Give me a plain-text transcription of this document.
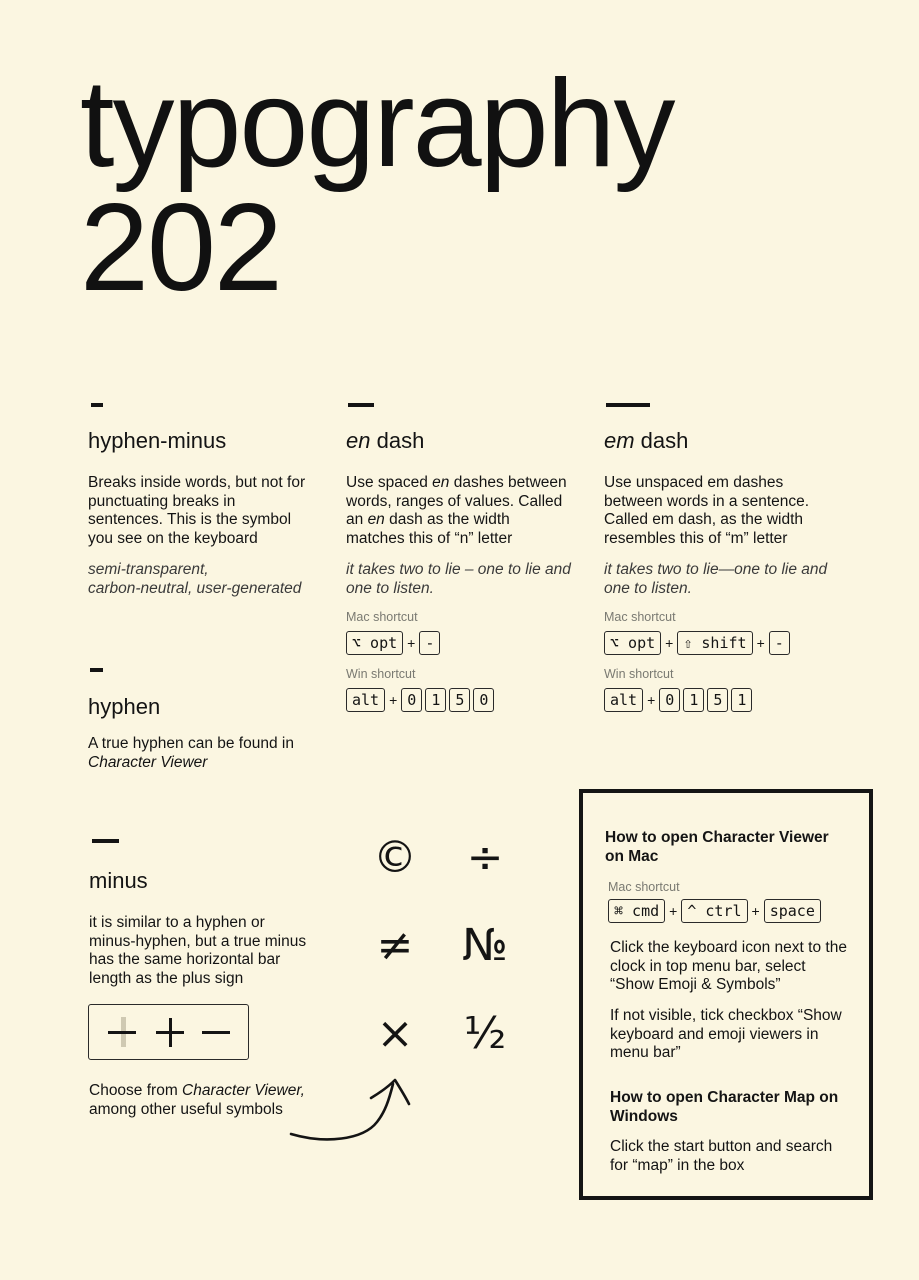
typography
202
hyphen-minus
Breaks inside words, but not for
punctuating breaks in
sentences. This is the symbol
you see on the keyboard
semi-transparent,
carbon-neutral, user-generated
en dash
Use spaced en dashes between
words, ranges of values. Called
an en dash as the width
matches this of “n” letter
it takes two to lie – one to lie and
one to listen.
Mac shortcut
⌥ opt + -
Win shortcut
alt + 0	1	5	0
em dash
Use unspaced em dashes
between words in a sentence.
Called em dash, as the width
resembles this of “m” letter
it takes two to lie—one to lie and
one to listen.
Mac shortcut
⌥ opt + ⇧ shift + -
Win shortcut
alt + 0	1	5	1
hyphen
A true hyphen can be found in
Character Viewer
minus
it is similar to a hyphen or
minus-hyphen, but a true minus
has the same horizontal bar
length as the plus sign
Choose from Character Viewer,
among other useful symbols
©	÷
≠	№
×	½
How to open Character Viewer
on Mac
Mac shortcut
⌘ cmd + ^ ctrl + space
Click the keyboard icon next to the
clock in top menu bar, select
“Show Emoji & Symbols”
If not visible, tick checkbox “Show
keyboard and emoji viewers in
menu bar”
How to open Character Map on
Windows
Click the start button and search
for “map” in the box
